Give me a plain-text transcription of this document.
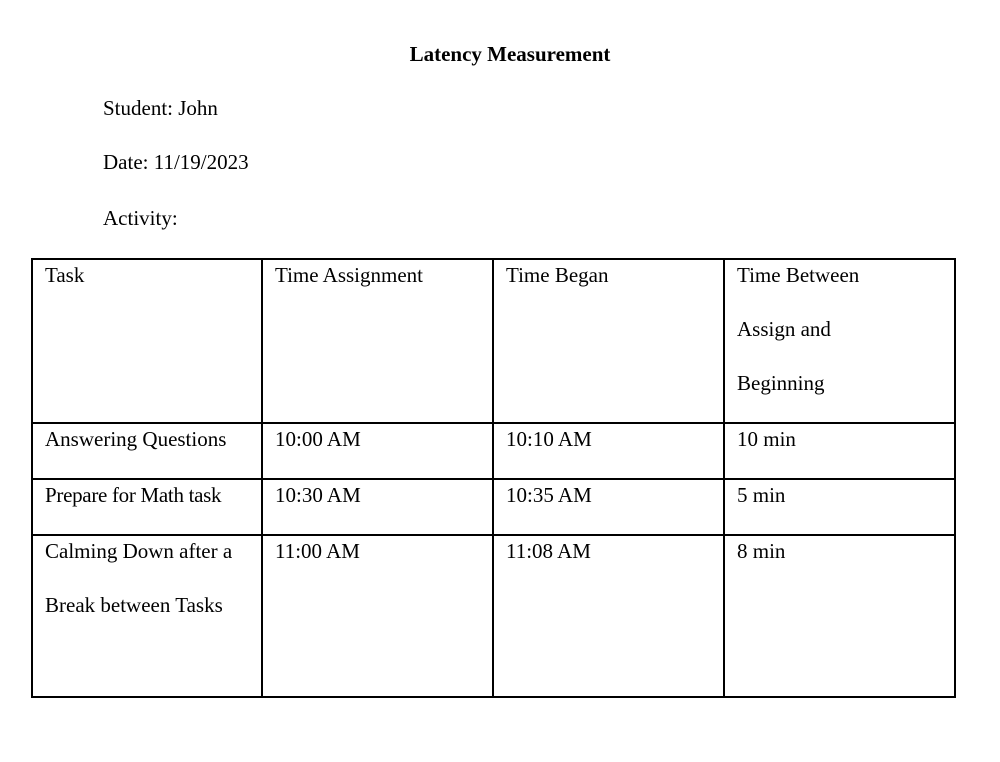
Latency Measurement
Student: John
Date: 11/19/2023
Activity:
Task	Time Assignment	Time Began	Time Between Assign and Beginning

Answering Questions	10:00 AM	10:10 AM	10 min

Prepare for Math task	10:30 AM	10:35 AM	5 min

Calming Down after a Break between Tasks	11:00 AM	11:08 AM	8 min
